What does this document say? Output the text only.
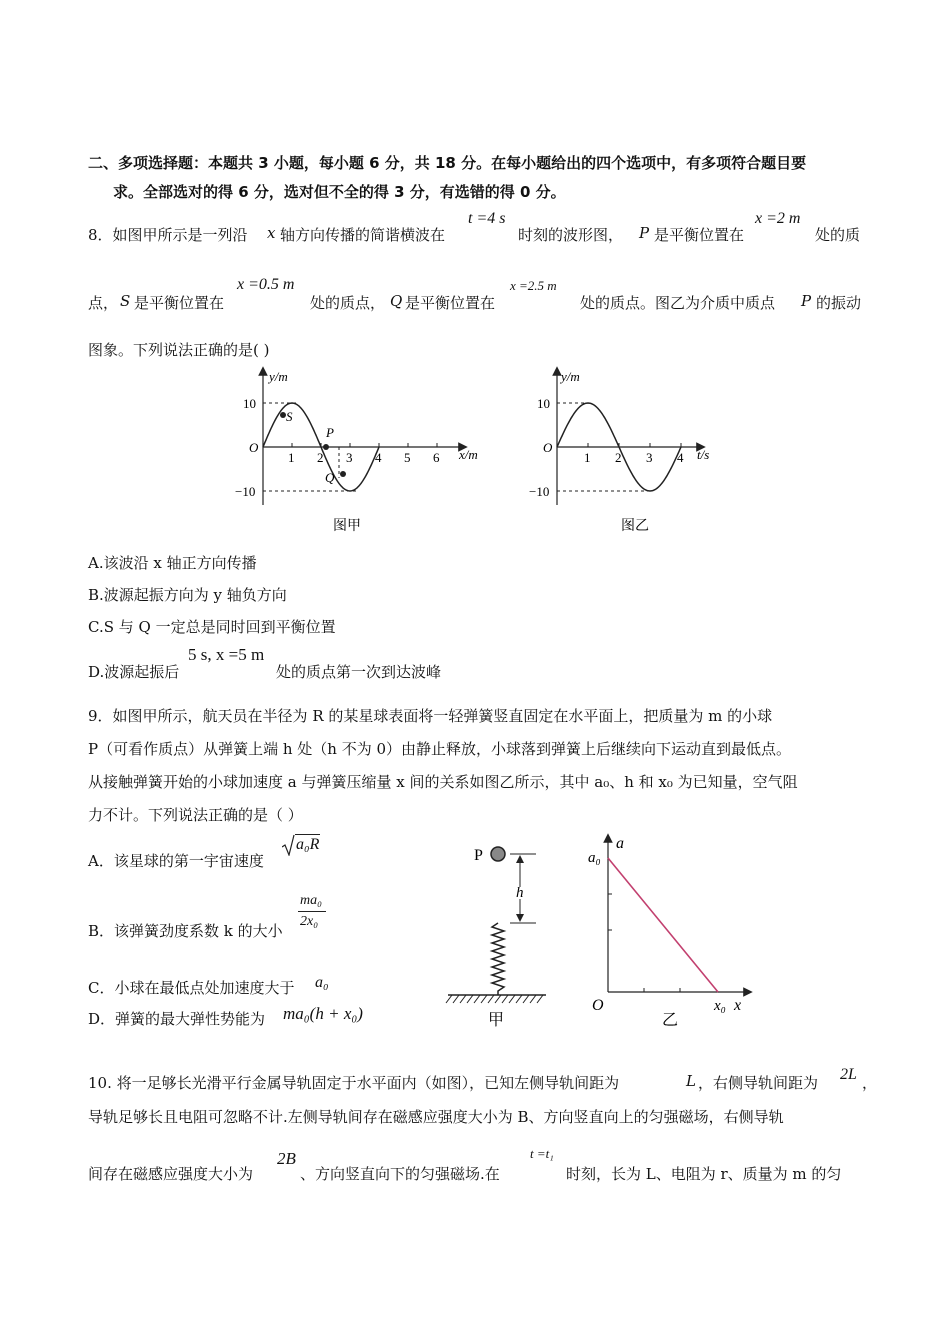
二、多项选择题：本题共 3 小题，每小题 6 分，共 18 分。在每小题给出的四个选项中，有多项符合题目要
求。全部选对的得 6 分，选对但不全的得 3 分，有选错的得 0 分。
8．如图甲所示是一列沿 x 轴方向传播的简谐横波在
t =4 s
时刻的波形图， P 是平衡位置在
x =2 m
处的质
点， S 是平衡位置在
x =0.5 m
处的质点， Q 是平衡位置在
x =2.5 m
处的质点。图乙为介质中质点 P 的振动
图象。下列说法正确的是( )
S
P
Q
y/m
x/m
O
10
−10
1 2 3 4 5 6
图甲
y/m
t/s
O
10
−10
1 2 3 4
图乙
A.该波沿 x 轴正方向传播
B.波源起振方向为 y 轴负方向
C.S 与 Q 一定总是同时回到平衡位置
D.波源起振后
5 s, x =5 m
处的质点第一次到达波峰
9．如图甲所示，航天员在半径为 R 的某星球表面将一轻弹簧竖直固定在水平面上，把质量为 m 的小球
P（可看作质点）从弹簧上端 h 处（h 不为 0）由静止释放，小球落到弹簧上后继续向下运动直到最低点。
从接触弹簧开始的小球加速度 a 与弹簧压缩量 x 间的关系如图乙所示，其中 a₀、h 和 x₀ 为已知量，空气阻
力不计。下列说法正确的是（ ）
A．该星球的第一宇宙速度
a₀R
B．该弹簧劲度系数 k 的大小
ma₀
2x₀
C．小球在最低点处加速度大于 a₀
D．弹簧的最大弹性势能为 ma₀(h + x₀)
P
h
甲
a
a₀
O	x₀ x
乙
10. 将一足够长光滑平行金属导轨固定于水平面内（如图），已知左侧导轨间距为	L ，右侧导轨间距为 2L ，
导轨足够长且电阻可忽略不计.左侧导轨间存在磁感应强度大小为 B、方向竖直向上的匀强磁场，右侧导轨
间存在磁感应强度大小为
2B
、方向竖直向下的匀强磁场.在
t =t₁
时刻，长为 L、电阻为 r、质量为 m 的匀
